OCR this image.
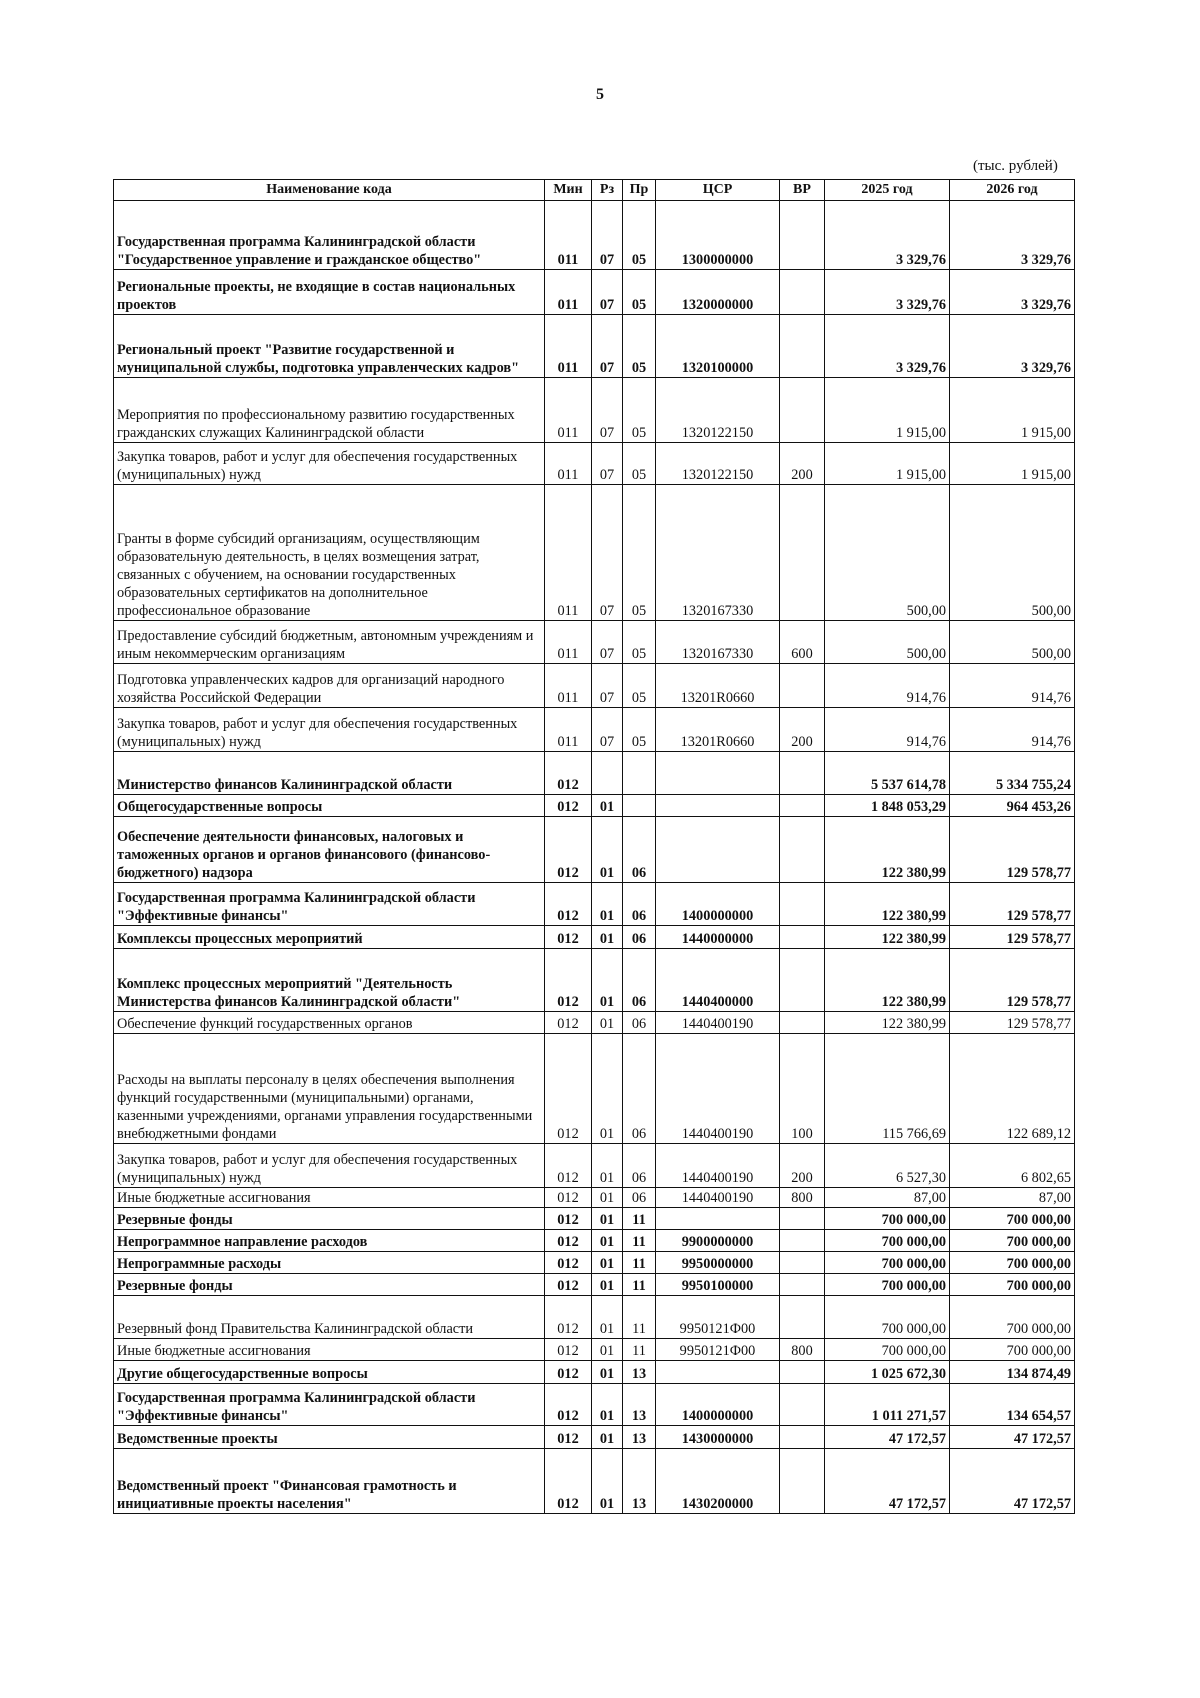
5
(тыс. рублей)
Наименование кода	Мин	Рз	Пр	ЦСР	ВР	2025 год	2026 год
Государственная программа Калининградской области "Государственное управление и гражданское общество"	011	07	05	1300000000		3 329,76	3 329,76
Региональные проекты, не входящие в состав национальных проектов	011	07	05	1320000000		3 329,76	3 329,76
Региональный проект "Развитие государственной и муниципальной службы, подготовка управленческих кадров"	011	07	05	1320100000		3 329,76	3 329,76
Мероприятия по профессиональному развитию государственных гражданских служащих Калининградской области	011	07	05	1320122150		1 915,00	1 915,00
Закупка товаров, работ и услуг для обеспечения государственных (муниципальных) нужд	011	07	05	1320122150	200	1 915,00	1 915,00
Гранты в форме субсидий организациям, осуществляющим образовательную деятельность, в целях возмещения затрат, связанных с обучением, на основании государственных образовательных сертификатов на дополнительное профессиональное образование	011	07	05	1320167330		500,00	500,00
Предоставление субсидий бюджетным, автономным учреждениям и иным некоммерческим организациям	011	07	05	1320167330	600	500,00	500,00
Подготовка управленческих кадров для организаций народного хозяйства Российской Федерации	011	07	05	13201R0660		914,76	914,76
Закупка товаров, работ и услуг для обеспечения государственных (муниципальных) нужд	011	07	05	13201R0660	200	914,76	914,76
Министерство финансов Калининградской области	012					5 537 614,78	5 334 755,24
Общегосударственные вопросы	012	01				1 848 053,29	964 453,26
Обеспечение деятельности финансовых, налоговых и таможенных органов и органов финансового (финансово-бюджетного) надзора	012	01	06			122 380,99	129 578,77
Государственная программа Калининградской области "Эффективные финансы"	012	01	06	1400000000		122 380,99	129 578,77
Комплексы процессных мероприятий	012	01	06	1440000000		122 380,99	129 578,77
Комплекс процессных мероприятий "Деятельность Министерства финансов Калининградской области"	012	01	06	1440400000		122 380,99	129 578,77
Обеспечение функций государственных органов	012	01	06	1440400190		122 380,99	129 578,77
Расходы на выплаты персоналу в целях обеспечения выполнения функций государственными (муниципальными) органами, казенными учреждениями, органами управления государственными внебюджетными фондами	012	01	06	1440400190	100	115 766,69	122 689,12
Закупка товаров, работ и услуг для обеспечения государственных (муниципальных) нужд	012	01	06	1440400190	200	6 527,30	6 802,65
Иные бюджетные ассигнования	012	01	06	1440400190	800	87,00	87,00
Резервные фонды	012	01	11			700 000,00	700 000,00
Непрограммное направление расходов	012	01	11	9900000000		700 000,00	700 000,00
Непрограммные расходы	012	01	11	9950000000		700 000,00	700 000,00
Резервные фонды	012	01	11	9950100000		700 000,00	700 000,00
Резервный фонд Правительства Калининградской области	012	01	11	9950121Ф00		700 000,00	700 000,00
Иные бюджетные ассигнования	012	01	11	9950121Ф00	800	700 000,00	700 000,00
Другие общегосударственные вопросы	012	01	13			1 025 672,30	134 874,49
Государственная программа Калининградской области "Эффективные финансы"	012	01	13	1400000000		1 011 271,57	134 654,57
Ведомственные проекты	012	01	13	1430000000		47 172,57	47 172,57
Ведомственный проект "Финансовая грамотность и инициативные проекты населения"	012	01	13	1430200000		47 172,57	47 172,57
